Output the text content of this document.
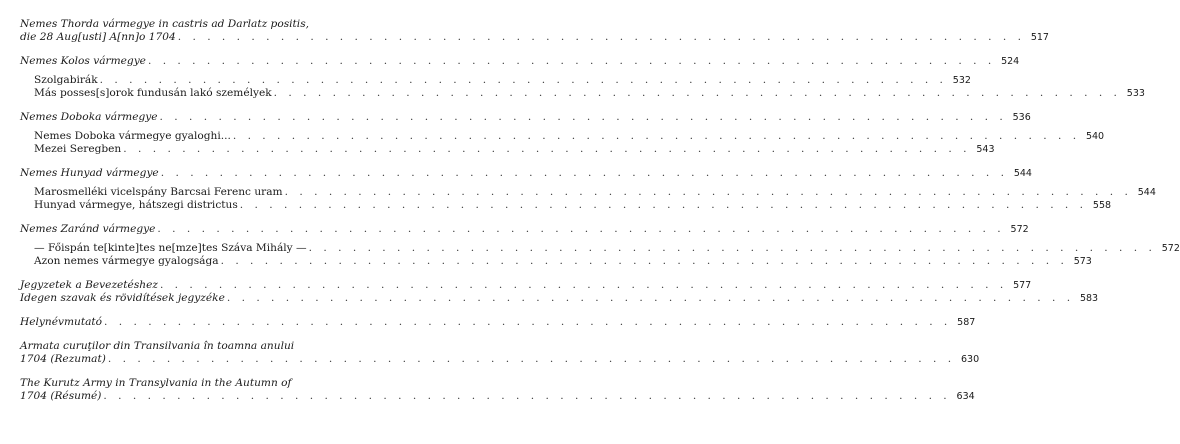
Nemes Thorda vármegye in castris ad Darlatz positis,
die 28 Aug[usti] A[nn]o 1704 . . .	517
Nemes Kolos vármegye . . .	524
Szolgabirák . . .	532
Más posses[s]orok fundusán lakó személyek . . .	533
Nemes Doboka vármegye . . .	536
Nemes Doboka vármegye gyaloghi... . . .	540
Mezei Seregben . . .	543
Nemes Hunyad vármegye . . .	544
Marosmelléki vicelspány Barcsai Ferenc uram . . .	544
Hunyad vármegye, hátszegi districtus . . .	558
Nemes Zaránd vármegye . . .	572
— Főispán te[kinte]tes ne[mze]tes Száva Mihály — . . .	572
Azon nemes vármegye gyalogsága . . .	573
Jegyzetek a Bevezetéshez . . .	577
Idegen szavak és rövidítések jegyzéke . . .	583
Helynévmutató . . .	587
Armata curuţilor din Transilvania în toamna anului
1704 (Rezumat) . . .	630
The Kurutz Army in Transylvania in the Autumn of
1704 (Résumé) . . .	634
